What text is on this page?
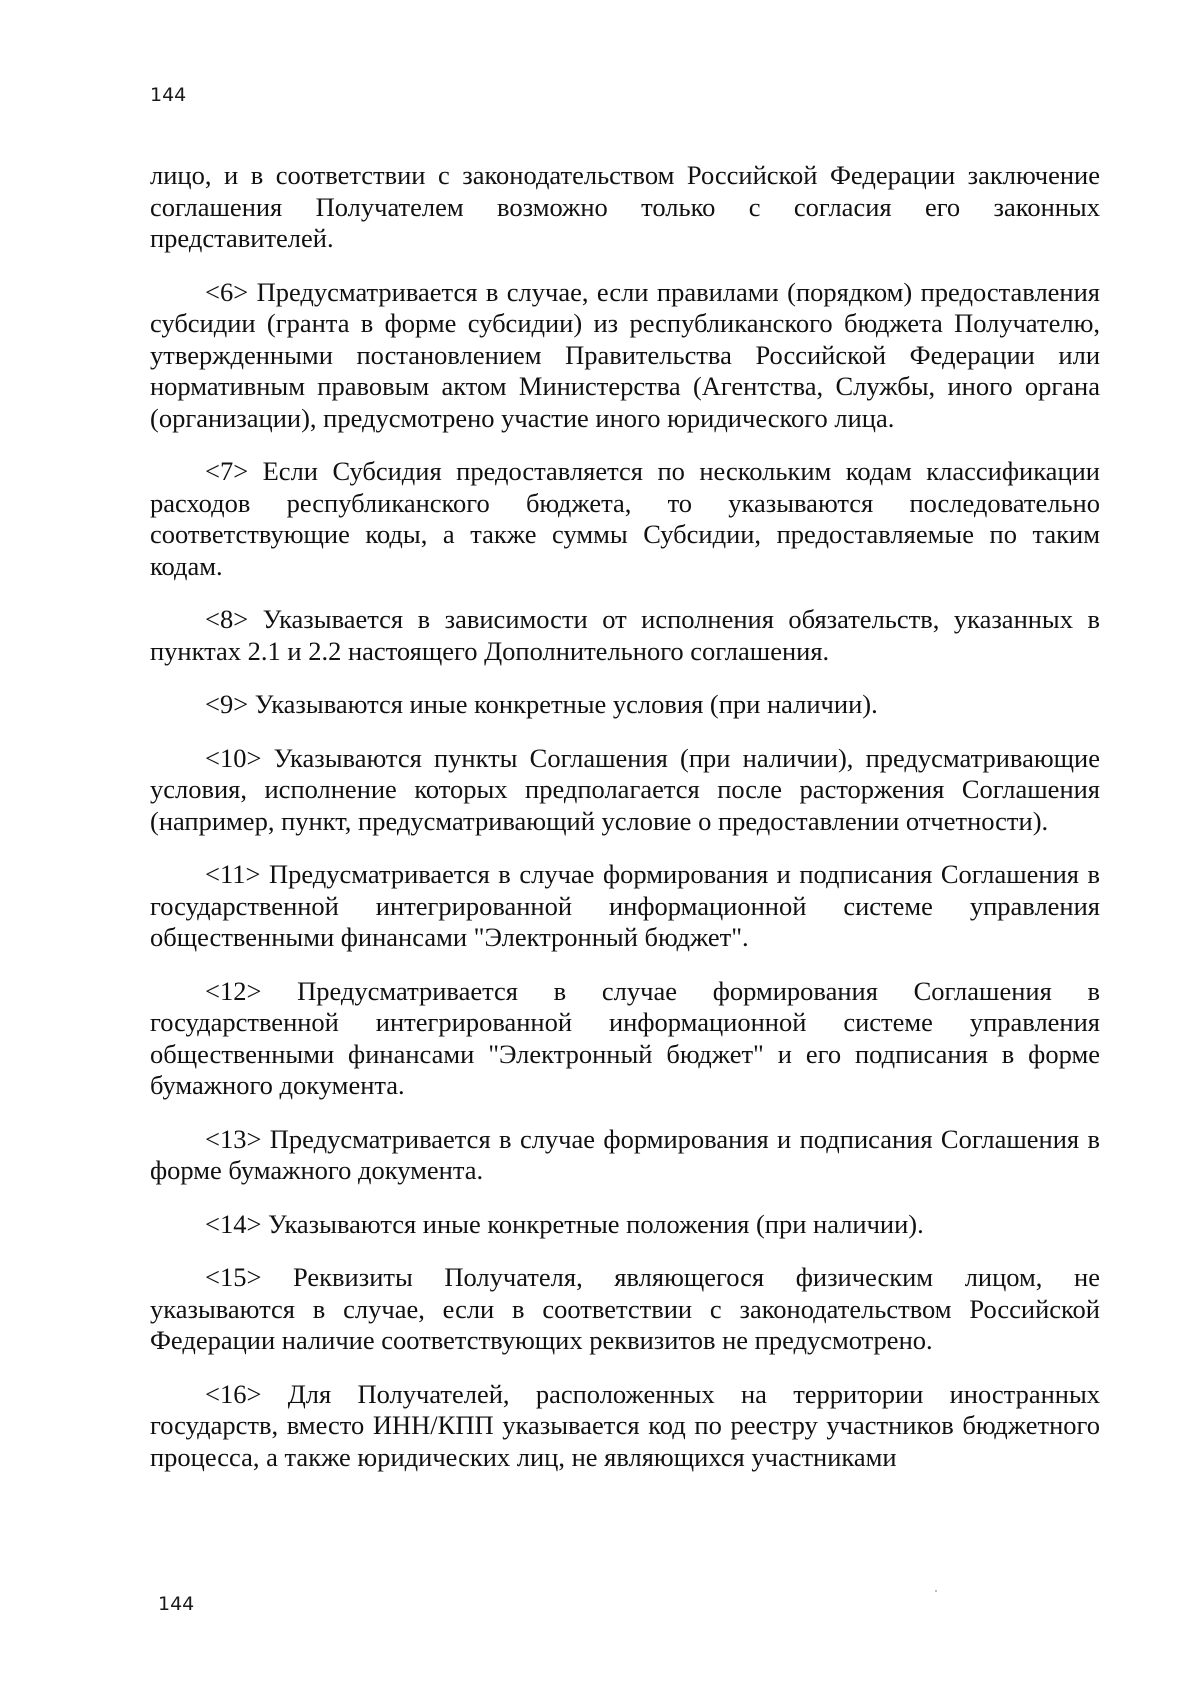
144

лицо, и в соответствии с законодательством Российской Федерации заключение соглашения Получателем возможно только с согласия его законных представителей.

<6> Предусматривается в случае, если правилами (порядком) предоставления субсидии (гранта в форме субсидии) из республиканского бюджета Получателю, утвержденными постановлением Правительства Российской Федерации или нормативным правовым актом Министерства (Агентства, Службы, иного органа (организации), предусмотрено участие иного юридического лица.

<7> Если Субсидия предоставляется по нескольким кодам классификации расходов республиканского бюджета, то указываются последовательно соответствующие коды, а также суммы Субсидии, предоставляемые по таким кодам.

<8> Указывается в зависимости от исполнения обязательств, указанных в пунктах 2.1 и 2.2 настоящего Дополнительного соглашения.

<9> Указываются иные конкретные условия (при наличии).

<10> Указываются пункты Соглашения (при наличии), предусматривающие условия, исполнение которых предполагается после расторжения Соглашения (например, пункт, предусматривающий условие о предоставлении отчетности).

<11> Предусматривается в случае формирования и подписания Соглашения в государственной интегрированной информационной системе управления общественными финансами "Электронный бюджет".

<12> Предусматривается в случае формирования Соглашения в государственной интегрированной информационной системе управления общественными финансами "Электронный бюджет" и его подписания в форме бумажного документа.

<13> Предусматривается в случае формирования и подписания Соглашения в форме бумажного документа.

<14> Указываются иные конкретные положения (при наличии).

<15> Реквизиты Получателя, являющегося физическим лицом, не указываются в случае, если в соответствии с законодательством Российской Федерации наличие соответствующих реквизитов не предусмотрено.

<16> Для Получателей, расположенных на территории иностранных государств, вместо ИНН/КПП указывается код по реестру участников бюджетного процесса, а также юридических лиц, не являющихся участниками

144
